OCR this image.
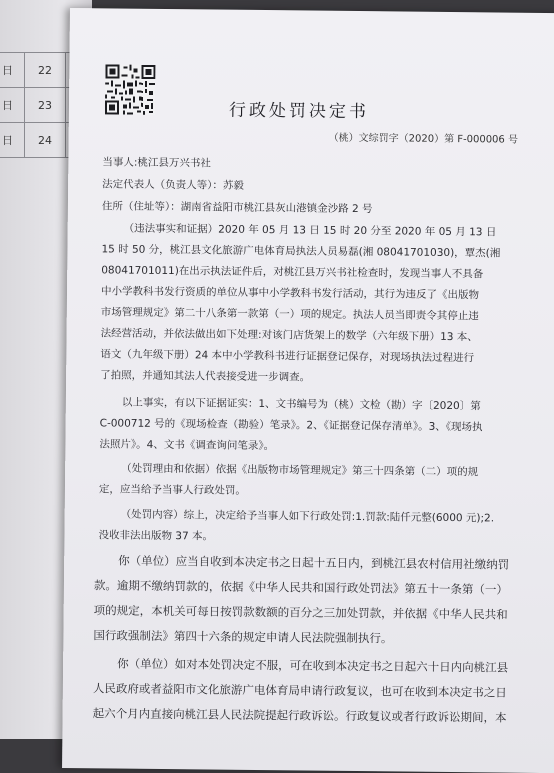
日	22
日	23
日	24
行政处罚决定书
（桃）文综罚字（2020）第 F-000006 号
当事人:桃江县万兴书社
法定代表人（负责人等）：苏毅
住所（住址等）：湖南省益阳市桃江县灰山港镇金沙路 2 号
（违法事实和证据）2020 年 05 月 13 日 15 时 20 分至 2020 年 05 月 13 日
15 时 50 分，桃江县文化旅游广电体育局执法人员易磊(湘 08041701030)，覃杰(湘
08041701011)在出示执法证件后，对桃江县万兴书社检查时，发现当事人不具备
中小学教科书发行资质的单位从事中小学教科书发行活动，其行为违反了《出版物
市场管理规定》第二十八条第一款第（一）项的规定。执法人员当即责令其停止违
法经营活动，并依法做出如下处理:对该门店货架上的数学（六年级下册）13 本、
语文（九年级下册）24 本中小学教科书进行证据登记保存，对现场执法过程进行
了拍照，并通知其法人代表接受进一步调查。
以上事实，有以下证据证实：1、文书编号为（桃）文检（勘）字〔2020〕第
C-000712 号的《现场检查（勘验）笔录》。2、《证据登记保存清单》。3、《现场执
法照片》。4、文书《调查询问笔录》。
（处罚理由和依据）依据《出版物市场管理规定》第三十四条第（二）项的规
定，应当给予当事人行政处罚。
（处罚内容）综上，决定给予当事人如下行政处罚:1.罚款:陆仟元整(6000 元);2.
没收非法出版物 37 本。
你（单位）应当自收到本决定书之日起十五日内，到桃江县农村信用社缴纳罚
款。逾期不缴纳罚款的，依据《中华人民共和国行政处罚法》第五十一条第（一）
项的规定，本机关可每日按罚款数额的百分之三加处罚款，并依据《中华人民共和
国行政强制法》第四十六条的规定申请人民法院强制执行。
你（单位）如对本处罚决定不服，可在收到本决定书之日起六十日内向桃江县
人民政府或者益阳市文化旅游广电体育局申请行政复议，也可在收到本决定书之日
起六个月内直接向桃江县人民法院提起行政诉讼。行政复议或者行政诉讼期间，本
